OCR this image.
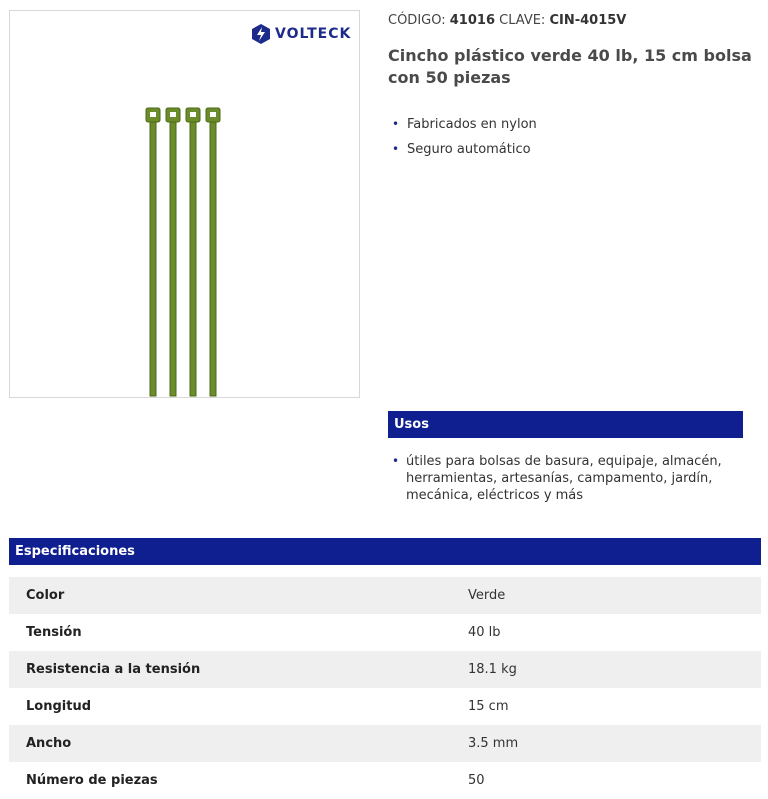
VOLTECK
CÓDIGO: 41016 CLAVE: CIN-4015V
Cincho plástico verde 40 lb, 15 cm bolsa con 50 piezas
• Fabricados en nylon
• Seguro automático
Usos
• útiles para bolsas de basura, equipaje, almacén, herramientas, artesanías, campamento, jardín, mecánica, eléctricos y más
Especificaciones
Color	Verde
Tensión	40 lb
Resistencia a la tensión	18.1 kg
Longitud	15 cm
Ancho	3.5 mm
Número de piezas	50
